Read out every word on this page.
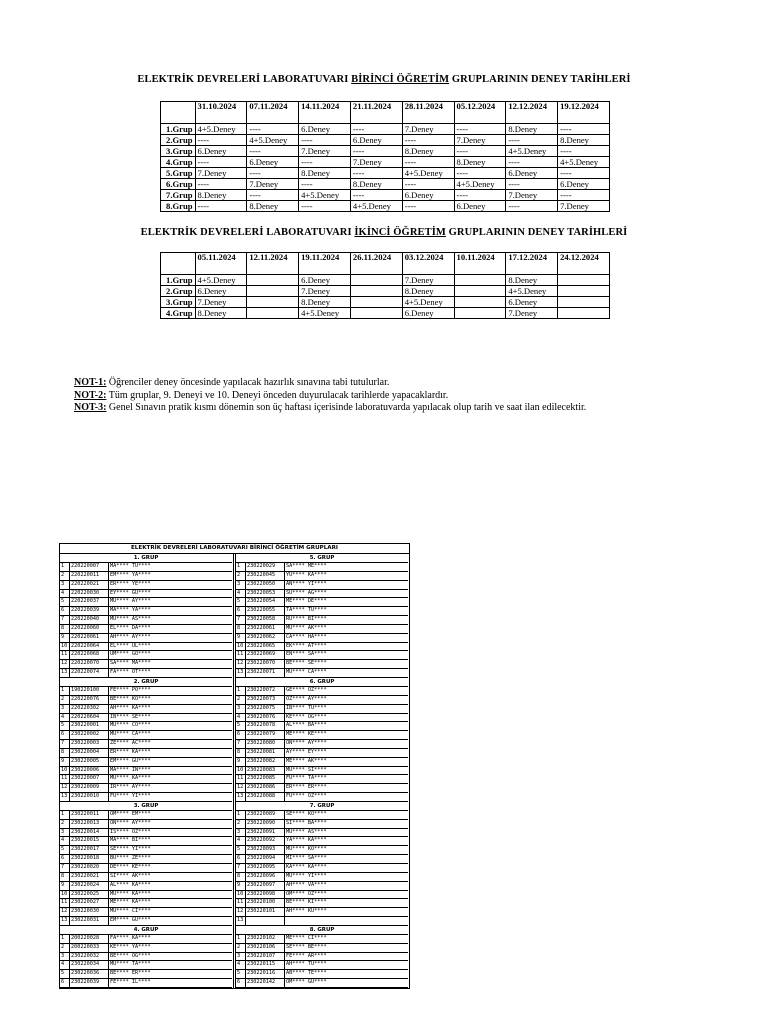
ELEKTRİK DEVRELERİ LABORATUVARI BİRİNCİ ÖĞRETİM GRUPLARININ DENEY TARİHLERİ
	31.10.2024	07.11.2024	14.11.2024	21.11.2024	28.11.2024	05.12.2024	12.12.2024	19.12.2024
1.Grup	4+5.Deney	----	6.Deney	----	7.Deney	----	8.Deney	----
2.Grup	----	4+5.Deney	----	6.Deney	----	7.Deney	----	8.Deney
3.Grup	6.Deney	----	7.Deney	----	8.Deney	----	4+5.Deney	----
4.Grup	----	6.Deney	----	7.Deney	----	8.Deney	----	4+5.Deney
5.Grup	7.Deney	----	8.Deney	----	4+5.Deney	----	6.Deney	----
6.Grup	----	7.Deney	----	8.Deney	----	4+5.Deney	----	6.Deney
7.Grup	8.Deney	----	4+5.Deney	----	6.Deney	----	7.Deney	----
8.Grup	----	8.Deney	----	4+5.Deney	----	6.Deney	----	7.Deney
ELEKTRİK DEVRELERİ LABORATUVARI İKİNCİ ÖĞRETİM GRUPLARININ DENEY TARİHLERİ
	05.11.2024	12.11.2024	19.11.2024	26.11.2024	03.12.2024	10.11.2024	17.12.2024	24.12.2024
1.Grup	4+5.Deney		6.Deney		7.Deney		8.Deney	
2.Grup	6.Deney		7.Deney		8.Deney		4+5.Deney	
3.Grup	7.Deney		8.Deney		4+5.Deney		6.Deney	
4.Grup	8.Deney		4+5.Deney		6.Deney		7.Deney	
NOT-1: Öğrenciler deney öncesinde yapılacak hazırlık sınavına tabi tutulurlar.
NOT-2: Tüm gruplar, 9. Deneyi ve 10. Deneyi önceden duyurulacak tarihlerde yapacaklardır.
NOT-3: Genel Sınavın pratik kısmı dönemin son üç haftası içerisinde laboratuvarda yapılacak olup tarih ve saat ilan edilecektir.
ELEKTRİK DEVRELERİ LABORATUVARI BİRİNCİ ÖĞRETİM GRUPLARI
1. GRUP
1	220220007	MA**** TU****
2	220220011	EM**** YA****
3	220220021	ER**** YE****
4	220220030	EY**** GU****
5	220220037	MU**** AY****
6	220220039	MA**** YA****
7	220220040	MU**** AS****
8	220220060	EL**** DA****
9	220220061	AH**** AY****
10 220220064	EL**** UL****
11 220220068	UM**** GO****
12 220220070	SA**** MA****
13 220220074	FA**** OT****
2. GRUP
1	190220100	FE**** PO****
2	220220076	BE**** KO****
3	220220302	AH**** KA****
4	220220604	IB**** SE****
5	230220001	MU**** CO****
6	230220002	MU**** CA****
7	230220003	ZE**** AC****
8	230220004	ER**** KA****
9	230220005	EM**** GU****
10 230220006	MA**** IN****
11 230220007	MU**** KA****
12 230220009	IR**** AY****
13 230220010	FU**** YI****
3. GRUP
1	230220011	ÖM**** EM****
2	230220013	ON**** AY****
3	230220014	IS**** ÖZ****
4	230220015	MA**** BI****
5	230220017	SE**** YI****
6	230220018	BU**** ZE****
7	230220020	DE**** KE****
8	230220021	SI**** AK****
9	230220024	AL**** KA****
10 230220025	MU**** KA****
11 230220027	ME**** KA****
12 230220030	MU**** CI****
13 230220031	EM**** GU****
4. GRUP
1	200220028	FA**** KA****
2	200220033	KE**** YA****
3	230220032	BE**** OG****
4	230220034	MU**** TA****
5	230220036	BE**** ER****
6	230220039	FE**** IL****
5. GRUP
1	230220029	SA**** ME****
2	230220045	YU**** KA****
3	230220050	AN**** YI****
4	230220053	SU**** AG****
5	230220054	ME**** DE****
6	230220055	TA**** TU****
7	230220058	RU**** BI****
8	230220061	MU**** AK****
9	230220062	CA**** HA****
10 230220065	EK**** AT****
11 230220069	EN**** SA****
12 230220070	BE**** SE****
13 230220071	MU**** CA****
6. GRUP
1	230220072	GE**** ÖZ****
2	230220073	ÖZ**** AY****
3	230220075	IB**** TU****
4	230220076	KE**** OG****
5	230220078	AL**** BA****
6	230220079	ME**** KE****
7	230220080	ON**** AY****
8	230220081	AY**** EY****
9	230220082	ME**** AK****
10 230220083	MU**** SI****
11 230220085	FU**** TA****
12 230220086	ER**** ER****
13 230220088	FU**** ÖZ****
7. GRUP
1	230220089	SE**** KÖ****
2	230220090	SI**** BA****
3	230220091	MU**** AS****
4	230220092	YA**** KA****
5	230220093	MU**** KO****
6	230220094	MI**** SA****
7	230220095	KA**** KA****
8	230220096	MU**** YI****
9	230220097	AH**** VA****
10 230220098	OM**** ÖZ****
11 230220100	BE**** KI****
12 230220101	AH**** KU****
13
8. GRUP
1	230220102	ME**** CI****
2	230220106	SE**** BE****
3	230220107	FE**** AR****
4	230220115	AH**** TÜ****
5	230220116	AB**** TE****
6	230220142	ÖM**** GU****
